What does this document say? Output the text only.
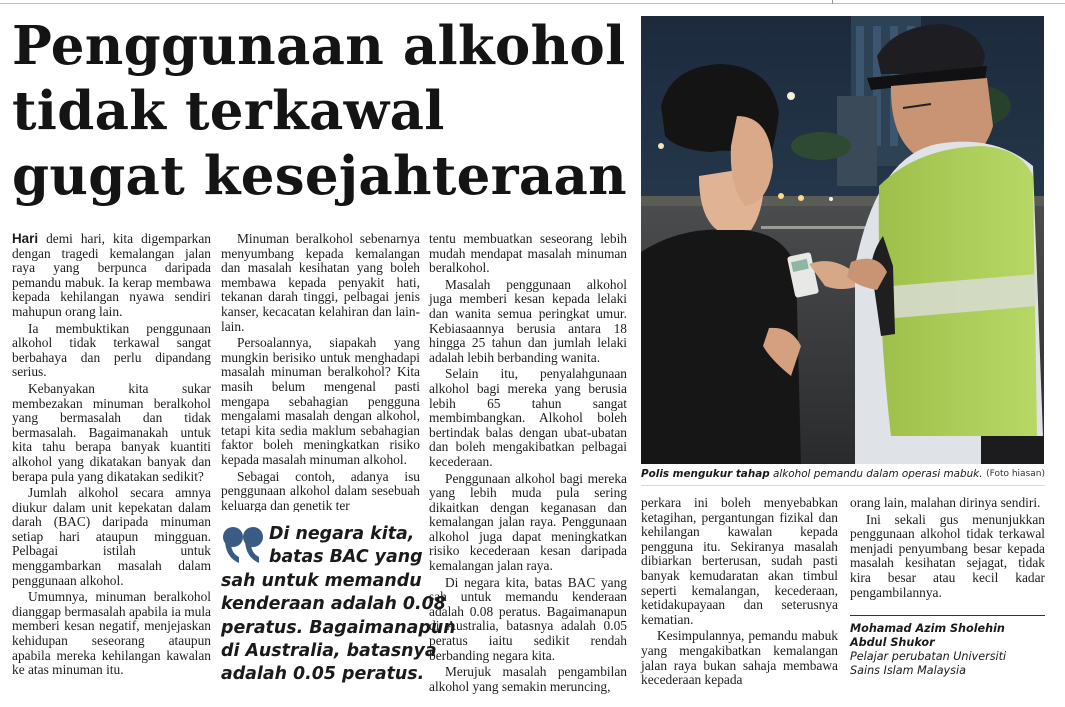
Penggunaan alkohol
tidak terkawal
gugat kesejahteraan

Hari demi hari, kita digemparkan dengan tragedi kemalangan jalan raya yang berpunca daripada pemandu mabuk. Ia kerap membawa kepada kehilangan nyawa sendiri mahupun orang lain.

Ia membuktikan penggunaan alkohol tidak terkawal sangat berbahaya dan perlu dipandang serius.

Kebanyakan kita sukar membezakan minuman beralkohol yang bermasalah dan tidak bermasalah. Bagaimanakah untuk kita tahu berapa banyak kuantiti alkohol yang dikatakan banyak dan berapa pula yang dikatakan sedikit?

Jumlah alkohol secara amnya diukur dalam unit kepekatan dalam darah (BAC) daripada minuman setiap hari ataupun mingguan. Pelbagai istilah untuk menggambarkan masalah dalam penggunaan alkohol.

Umumnya, minuman beralkohol dianggap bermasalah apabila ia mula memberi kesan negatif, menjejaskan kehidupan seseorang ataupun apabila mereka kehilangan kawalan ke atas minuman itu.

Minuman beralkohol sebenarnya menyumbang kepada kemalangan dan masalah kesihatan yang boleh membawa kepada penyakit hati, tekanan darah tinggi, pelbagai jenis kanser, kecacatan kelahiran dan lain-lain.

Persoalannya, siapakah yang mungkin berisiko untuk menghadapi masalah minuman beralkohol? Kita masih belum mengenal pasti mengapa sebahagian pengguna mengalami masalah dengan alkohol, tetapi kita sedia maklum sebahagian faktor boleh meningkatkan risiko kepada masalah minuman alkohol.

Sebagai contoh, adanya isu penggunaan alkohol dalam sesebuah keluarga dan genetik ter

Di negara kita,
batas BAC yang
sah untuk memandu
kenderaan adalah 0.08
peratus. Bagaimanapun
di Australia, batasnya
adalah 0.05 peratus.

tentu membuatkan seseorang lebih mudah mendapat masalah minuman beralkohol.

Masalah penggunaan alkohol juga memberi kesan kepada lelaki dan wanita semua peringkat umur. Kebiasaannya berusia antara 18 hingga 25 tahun dan jumlah lelaki adalah lebih berbanding wanita.

Selain itu, penyalahgunaan alkohol bagi mereka yang berusia lebih 65 tahun sangat membimbangkan. Alkohol boleh bertindak balas dengan ubat-ubatan dan boleh mengakibatkan pelbagai kecederaan.

Penggunaan alkohol bagi mereka yang lebih muda pula sering dikaitkan dengan keganasan dan kemalangan jalan raya. Penggunaan alkohol juga dapat meningkatkan risiko kecederaan kesan daripada kemalangan jalan raya.

Di negara kita, batas BAC yang sah untuk memandu kenderaan adalah 0.08 peratus. Bagaimanapun di Australia, batasnya adalah 0.05 peratus iaitu sedikit rendah berbanding negara kita.

Merujuk masalah pengambilan alkohol yang semakin meruncing,

Polis mengukur tahap alkohol pemandu dalam operasi mabuk. (Foto hiasan)

perkara ini boleh menyebabkan ketagihan, pergantungan fizikal dan kehilangan kawalan kepada pengguna itu. Sekiranya masalah dibiarkan berterusan, sudah pasti banyak kemudaratan akan timbul seperti kemalangan, kecederaan, ketidakupayaan dan seterusnya kematian.

Kesimpulannya, pemandu mabuk yang mengakibatkan kemalangan jalan raya bukan sahaja membawa kecederaan kepada

orang lain, malahan dirinya sendiri.

Ini sekali gus menunjukkan penggunaan alkohol tidak terkawal menjadi penyumbang besar kepada masalah kesihatan sejagat, tidak kira besar atau kecil kadar pengambilannya.

Mohamad Azim Sholehin
Abdul Shukor
Pelajar perubatan Universiti
Sains Islam Malaysia
